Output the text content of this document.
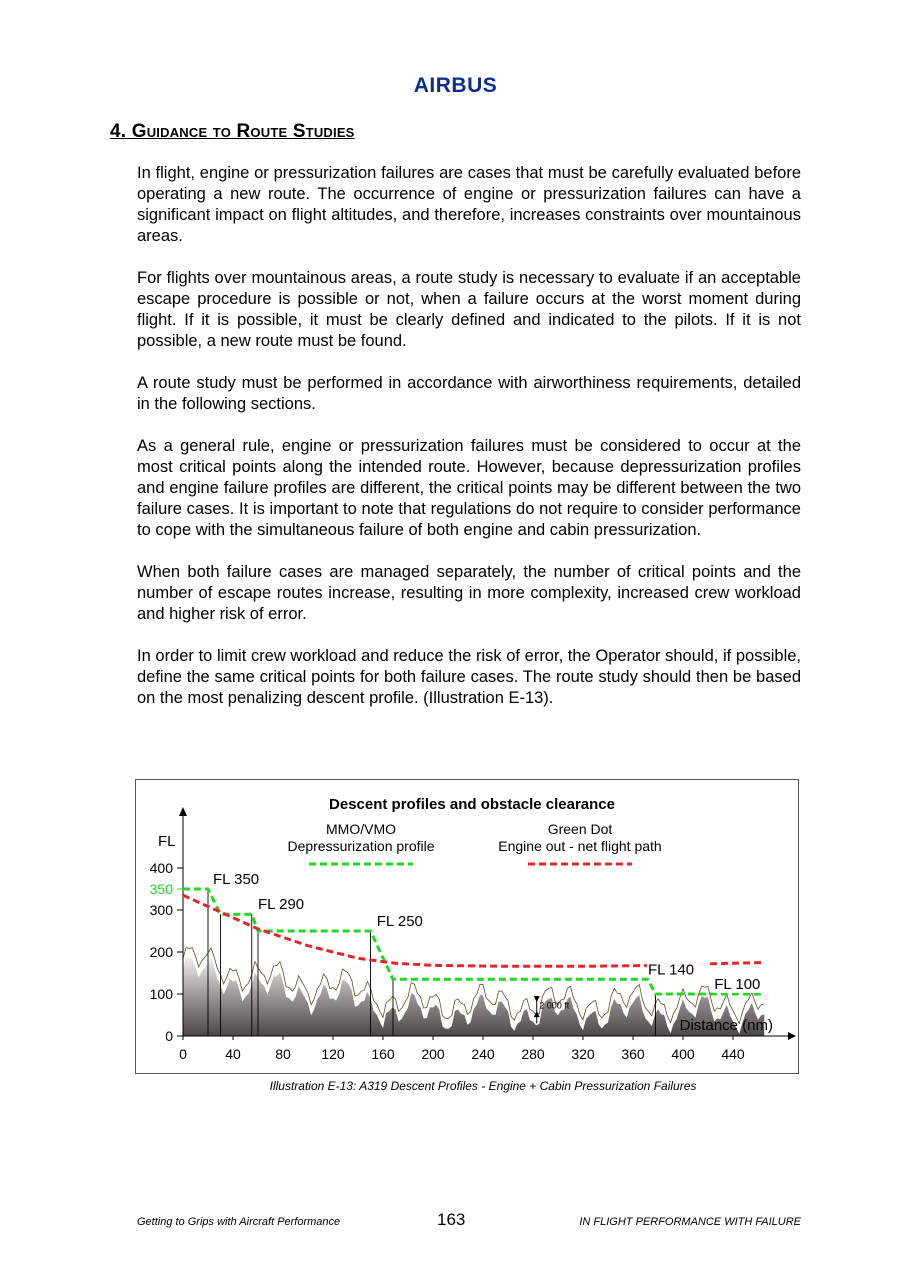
AIRBUS
4. Guidance to Route Studies

In flight, engine or pressurization failures are cases that must be carefully evaluated before operating a new route. The occurrence of engine or pressurization failures can have a significant impact on flight altitudes, and therefore, increases constraints over mountainous areas.

For flights over mountainous areas, a route study is necessary to evaluate if an acceptable escape procedure is possible or not, when a failure occurs at the worst moment during flight. If it is possible, it must be clearly defined and indicated to the pilots. If it is not possible, a new route must be found.

A route study must be performed in accordance with airworthiness requirements, detailed in the following sections.

As a general rule, engine or pressurization failures must be considered to occur at the most critical points along the intended route. However, because depressurization profiles and engine failure profiles are different, the critical points may be different between the two failure cases. It is important to note that regulations do not require to consider performance to cope with the simultaneous failure of both engine and cabin pressurization.

When both failure cases are managed separately, the number of critical points and the number of escape routes increase, resulting in more complexity, increased crew workload and higher risk of error.

In order to limit crew workload and reduce the risk of error, the Operator should, if possible, define the same critical points for both failure cases. The route study should then be based on the most penalizing descent profile. (Illustration E-13).

0	40 80 120 160 200 240 280 320 360 400 440
0
100
200
300
400
350
Descent profiles and obstacle clearance
FL
Distance (nm)
MMO/VMO
Depressurization profile
Green Dot
Engine out - net flight path
FL 350
FL 290
FL 250
FL 140
FL 100
2 000 ft
Illustration E-13: A319 Descent Profiles - Engine + Cabin Pressurization Failures
Getting to Grips with Aircraft Performance	163	IN FLIGHT PERFORMANCE WITH FAILURE
